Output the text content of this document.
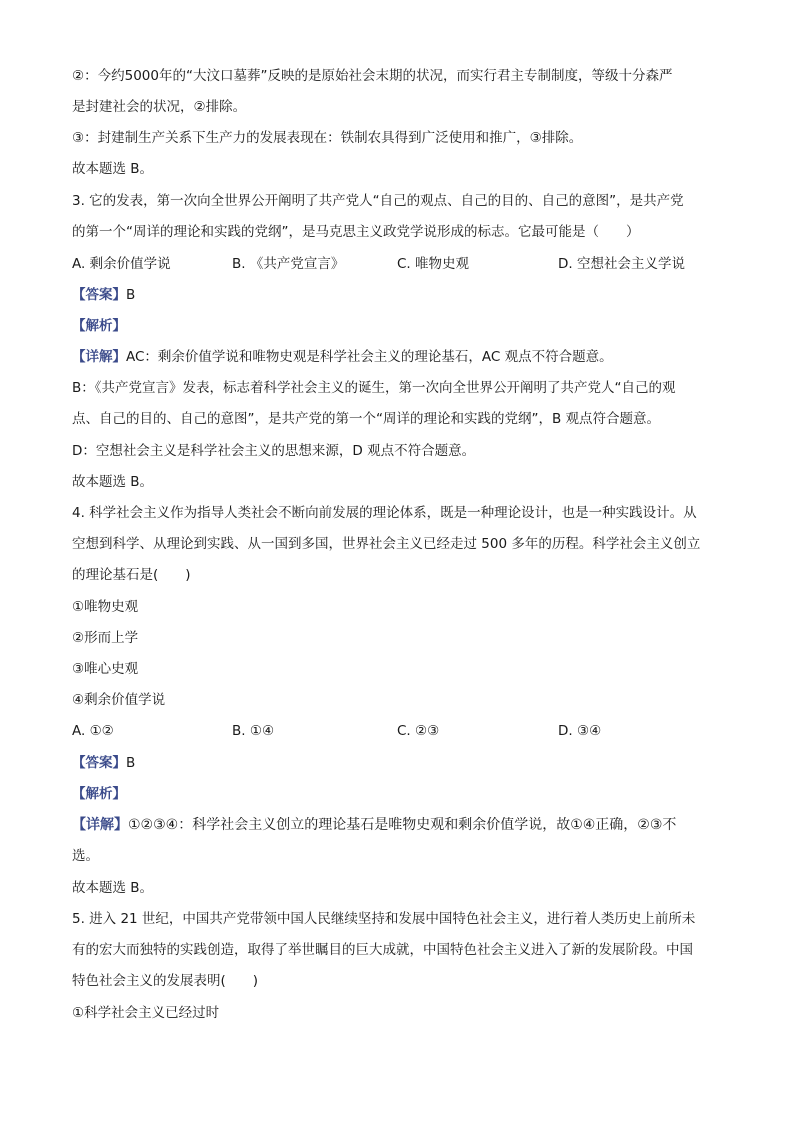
②：今约5000年的“大汶口墓葬”反映的是原始社会末期的状况，而实行君主专制制度，等级十分森严
是封建社会的状况，②排除。
③：封建制生产关系下生产力的发展表现在：铁制农具得到广泛使用和推广，③排除。
故本题选 B。
3. 它的发表，第一次向全世界公开阐明了共产党人“自己的观点、自己的目的、自己的意图”，是共产党
的第一个“周详的理论和实践的党纲”，是马克思主义政党学说形成的标志。它最可能是（　　）
A. 剩余价值学说	B. 《共产党宣言》	C. 唯物史观	D. 空想社会主义学说
【答案】B
【解析】
【详解】AC：剩余价值学说和唯物史观是科学社会主义的理论基石，AC 观点不符合题意。
B：《共产党宣言》发表，标志着科学社会主义的诞生，第一次向全世界公开阐明了共产党人“自己的观
点、自己的目的、自己的意图”，是共产党的第一个“周详的理论和实践的党纲”，B 观点符合题意。
D：空想社会主义是科学社会主义的思想来源，D 观点不符合题意。
故本题选 B。
4. 科学社会主义作为指导人类社会不断向前发展的理论体系，既是一种理论设计，也是一种实践设计。从
空想到科学、从理论到实践、从一国到多国，世界社会主义已经走过 500 多年的历程。科学社会主义创立
的理论基石是(　　)
①唯物史观
②形而上学
③唯心史观
④剩余价值学说
A. ①②	B. ①④	C. ②③	D. ③④
【答案】B
【解析】
【详解】①②③④：科学社会主义创立的理论基石是唯物史观和剩余价值学说，故①④正确，②③不
选。
故本题选 B。
5. 进入 21 世纪，中国共产党带领中国人民继续坚持和发展中国特色社会主义，进行着人类历史上前所未
有的宏大而独特的实践创造，取得了举世瞩目的巨大成就，中国特色社会主义进入了新的发展阶段。中国
特色社会主义的发展表明(　　)
①科学社会主义已经过时
